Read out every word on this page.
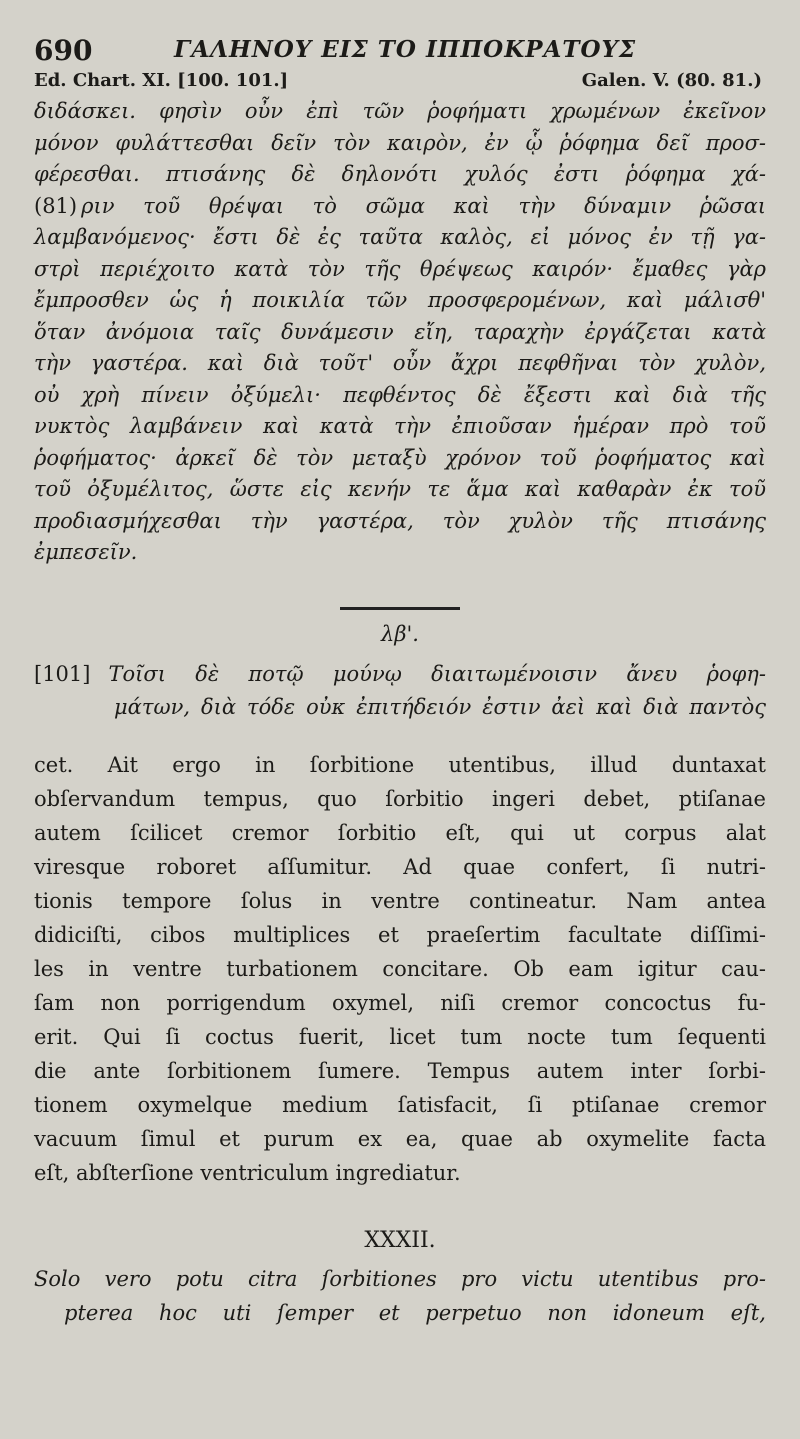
690	ΓΑΛΗΝΟΥ ΕΙΣ ΤΟ ΙΠΠΟΚΡΑΤΟΥΣ
Ed. Chart. XI. [100. 101.]	Galen. V. (80. 81.)
διδάσκει. φησὶν οὖν ἐπὶ τῶν ῥοφήματι χρωμένων ἐκεῖνον
μόνον φυλάττεσθαι δεῖν τὸν καιρὸν, ἐν ᾧ ῥόφημα δεῖ προσ-
φέρεσθαι. πτισάνης δὲ δηλονότι χυλός ἐστι ῥόφημα χά-
(81) ριν τοῦ θρέψαι τὸ σῶμα καὶ τὴν δύναμιν ῥῶσαι
λαμβανόμενος· ἔστι δὲ ἐς ταῦτα καλὸς, εἰ μόνος ἐν τῇ γα-
στρὶ περιέχοιτο κατὰ τὸν τῆς θρέψεως καιρόν· ἔμαθες γὰρ
ἔμπροσθεν ὡς ἡ ποικιλία τῶν προσφερομένων, καὶ μάλισθ'
ὅταν ἀνόμοια ταῖς δυνάμεσιν εἴη, ταραχὴν ἐργάζεται κατὰ
τὴν γαστέρα. καὶ διὰ τοῦτ' οὖν ἄχρι πεφθῆναι τὸν χυλὸν,
οὐ χρὴ πίνειν ὀξύμελι· πεφθέντος δὲ ἔξεστι καὶ διὰ τῆς
νυκτὸς λαμβάνειν καὶ κατὰ τὴν ἐπιοῦσαν ἡμέραν πρὸ τοῦ
ῥοφήματος· ἀρκεῖ δὲ τὸν μεταξὺ χρόνον τοῦ ῥοφήματος καὶ
τοῦ ὀξυμέλιτος, ὥστε εἰς κενήν τε ἅμα καὶ καθαρὰν ἐκ τοῦ
προδιασμήχεσθαι τὴν γαστέρα, τὸν χυλὸν τῆς πτισάνης
ἐμπεσεῖν.
λβ'.
[101] Τοῖσι δὲ ποτῷ μούνῳ διαιτωμένοισιν ἄνευ ῥοφη-
μάτων, διὰ τόδε οὐκ ἐπιτήδειόν ἐστιν ἀεὶ καὶ διὰ παντὸς
cet. Ait ergo in ſorbitione utentibus, illud duntaxat
obſervandum tempus, quo ſorbitio ingeri debet, ptiſanae
autem ſcilicet cremor ſorbitio eſt, qui ut corpus alat
viresque roboret aſſumitur. Ad quae confert, ſi nutri-
tionis tempore ſolus in ventre contineatur. Nam antea
didiciſti, cibos multiplices et praeſertim facultate diſſimi-
les in ventre turbationem concitare. Ob eam igitur cau-
ſam non porrigendum oxymel, niſi cremor concoctus fu-
erit. Qui ſi coctus fuerit, licet tum nocte tum ſequenti
die ante ſorbitionem ſumere. Tempus autem inter ſorbi-
tionem oxymelque medium ſatisfacit, ſi ptiſanae cremor
vacuum ſimul et purum ex ea, quae ab oxymelite facta
eſt, abſterſione ventriculum ingrediatur.
XXXII.
Solo vero potu citra ſorbitiones pro victu utentibus pro-
pterea hoc uti ſemper et perpetuo non idoneum eſt,
